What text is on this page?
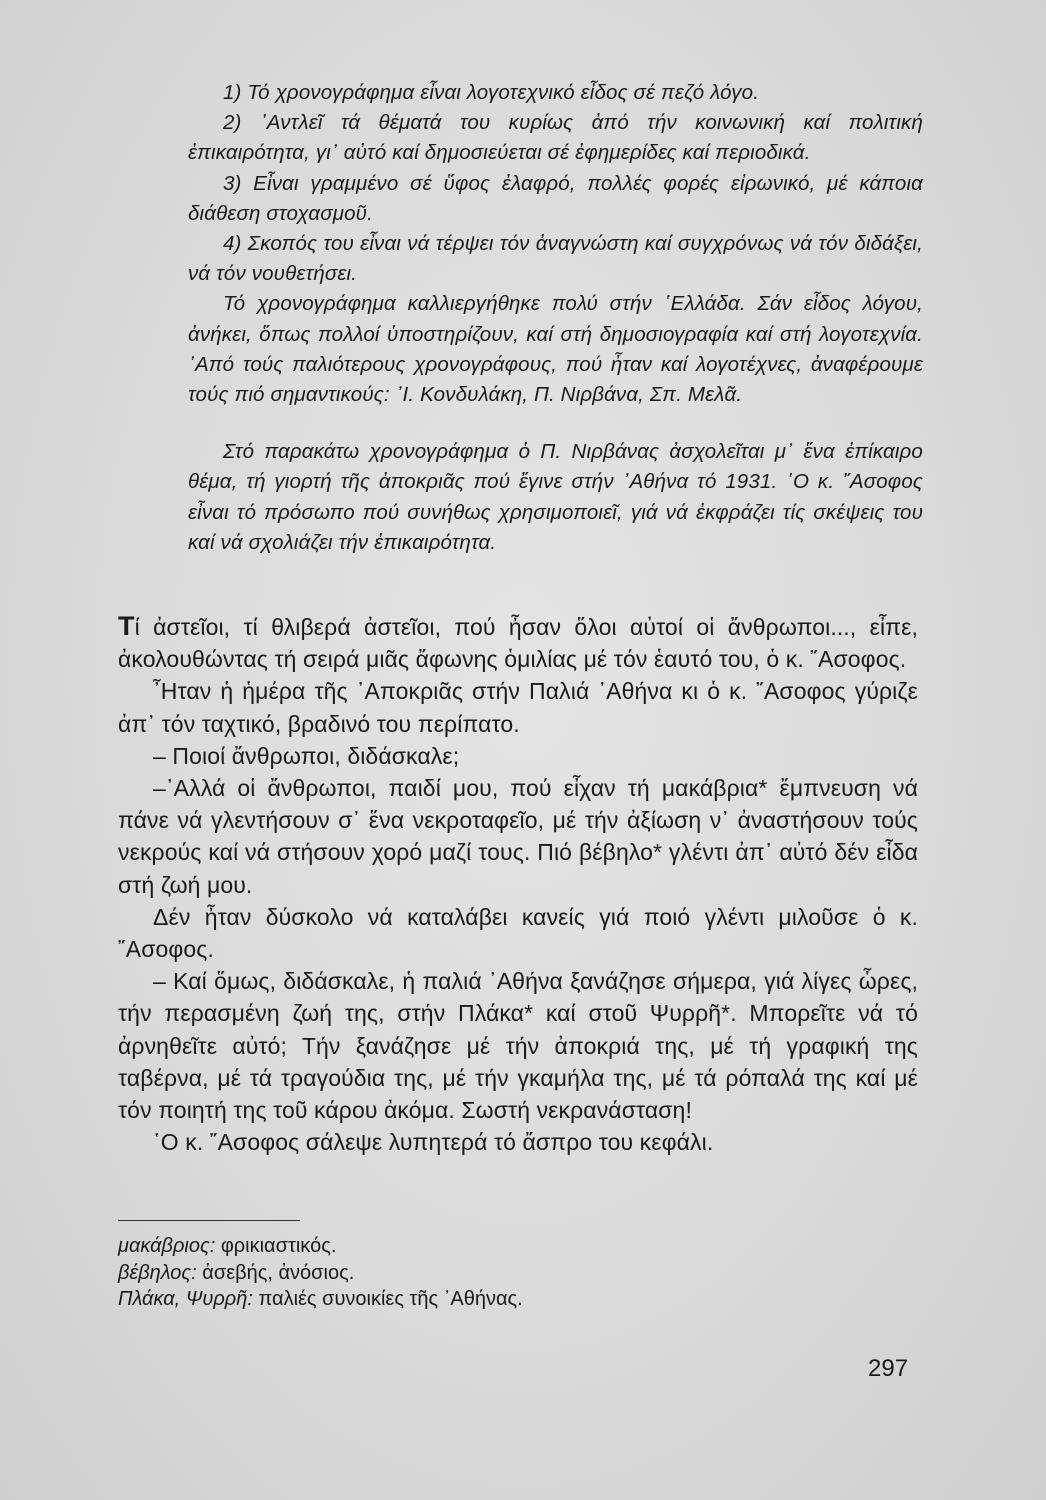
1) Τό χρονογράφημα εἶναι λογοτεχνικό εἶδος σέ πεζό λόγο.

2) ᾿Αντλεῖ τά θέματά του κυρίως ἀπό τήν κοινωνική καί πολιτική ἐπικαιρότητα, γι᾿ αὐτό καί δημοσιεύεται σέ ἐφημερίδες καί περιοδικά.

3) Εἶναι γραμμένο σέ ὕφος ἐλαφρό, πολλές φορές εἰρωνικό, μέ κάποια διάθεση στοχασμοῦ.

4) Σκοπός του εἶναι νά τέρψει τόν ἀναγνώστη καί συγχρόνως νά τόν διδάξει, νά τόν νουθετήσει.

Τό χρονογράφημα καλλιεργήθηκε πολύ στήν ῾Ελλάδα. Σάν εἶδος λόγου, ἀνήκει, ὅπως πολλοί ὑποστηρίζουν, καί στή δημοσιογραφία καί στή λογοτεχνία. ᾿Από τούς παλιότερους χρονογράφους, πού ἦταν καί λογοτέχνες, ἀναφέρουμε τούς πιό σημαντικούς: ᾿Ι. Κονδυλάκη, Π. Νιρβάνα, Σπ. Μελᾶ.

Στό παρακάτω χρονογράφημα ὁ Π. Νιρβάνας ἀσχολεῖται μ᾿ ἕνα ἐπίκαιρο θέμα, τή γιορτή τῆς ἀποκριᾶς πού ἔγινε στήν ᾿Αθήνα τό 1931. ῾Ο κ. ῎Ασοφος εἶναι τό πρόσωπο πού συνήθως χρησιμοποιεῖ, γιά νά ἐκφράζει τίς σκέψεις του καί νά σχολιάζει τήν ἐπικαιρότητα.

Τί ἀστεῖοι, τί θλιβερά ἀστεῖοι, πού ἦσαν ὅλοι αὐτοί οἱ ἄνθρωποι..., εἶπε, ἀκολουθώντας τή σειρά μιᾶς ἄφωνης ὁμιλίας μέ τόν ἑαυτό του, ὁ κ. ῎Ασοφος.

῏Ηταν ἡ ἡμέρα τῆς ᾿Αποκριᾶς στήν Παλιά ᾿Αθήνα κι ὁ κ. ῎Ασοφος γύριζε ἀπ᾿ τόν ταχτικό, βραδινό του περίπατο.

– Ποιοί ἄνθρωποι, διδάσκαλε;

–᾿Αλλά οἱ ἄνθρωποι, παιδί μου, πού εἶχαν τή μακάβρια* ἔμπνευση νά πάνε νά γλεντήσουν σ᾿ ἕνα νεκροταφεῖο, μέ τήν ἀξίωση ν᾿ ἀναστήσουν τούς νεκρούς καί νά στήσουν χορό μαζί τους. Πιό βέβηλο* γλέντι ἀπ᾿ αὐτό δέν εἶδα στή ζωή μου.

Δέν ἦταν δύσκολο νά καταλάβει κανείς γιά ποιό γλέντι μιλοῦσε ὁ κ. ῎Ασοφος.

– Καί ὅμως, διδάσκαλε, ἡ παλιά ᾿Αθήνα ξανάζησε σήμερα, γιά λίγες ὧρες, τήν περασμένη ζωή της, στήν Πλάκα* καί στοῦ Ψυρρῆ*. Μπορεῖτε νά τό ἀρνηθεῖτε αὐτό; Τήν ξανάζησε μέ τήν ἀποκριά της, μέ τή γραφική της ταβέρνα, μέ τά τραγούδια της, μέ τήν γκαμήλα της, μέ τά ρόπαλά της καί μέ τόν ποιητή της τοῦ κάρου ἀκόμα. Σωστή νεκρανάσταση!

῾Ο κ. ῎Ασοφος σάλεψε λυπητερά τό ἄσπρο του κεφάλι.

μακάβριος: φρικιαστικός.
βέβηλος: ἀσεβής, ἀνόσιος.
Πλάκα, Ψυρρῆ: παλιές συνοικίες τῆς ᾿Αθήνας.
297
